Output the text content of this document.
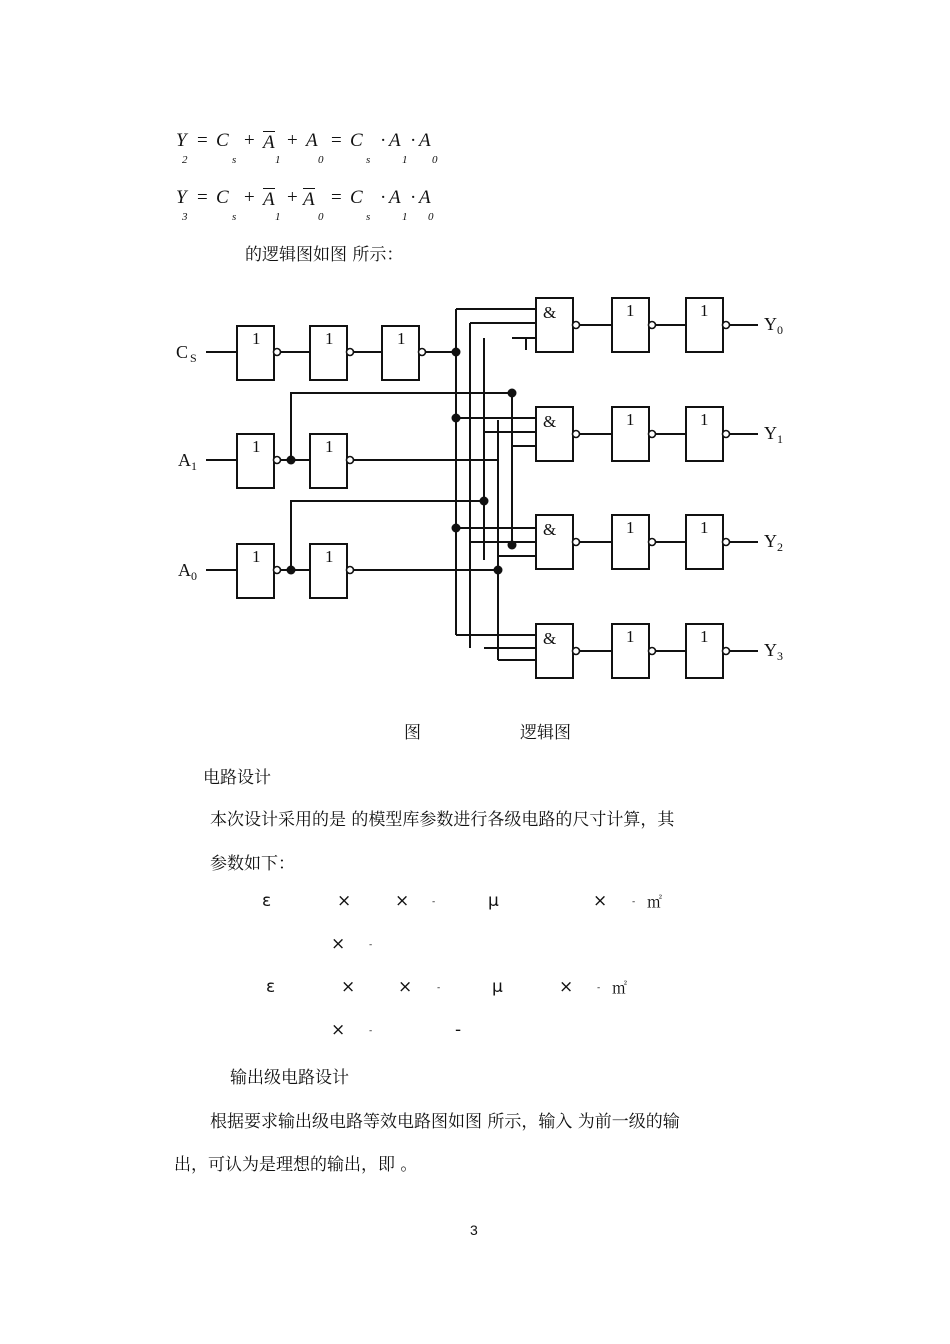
Y
2
= C
s
+ A
1
+ A
0
= C
s
· A
1
· A
0
Y
3
= C
s
+ A
1
+ A
0
= C
s
· A
1
· A
0
的逻辑图如图 所示：
1	1	1
1	1
1	1
&
&
&
&
1	1
1	1
1	1
1	1
C S
A 1
A 0
Y 0
Y 1
Y 2
Y 3
图	逻辑图
电路设计
本次设计采用的是 的模型库参数进行各级电路的尺寸计算，其
参数如下：
ε	×	×	-	μ	×	- ㎡
×	-
ε	×	×	-	μ	×	- ㎡
×	-	-
输出级电路设计
根据要求输出级电路等效电路图如图 所示，输入 为前一级的输
出，可认为是理想的输出，即 。
3
